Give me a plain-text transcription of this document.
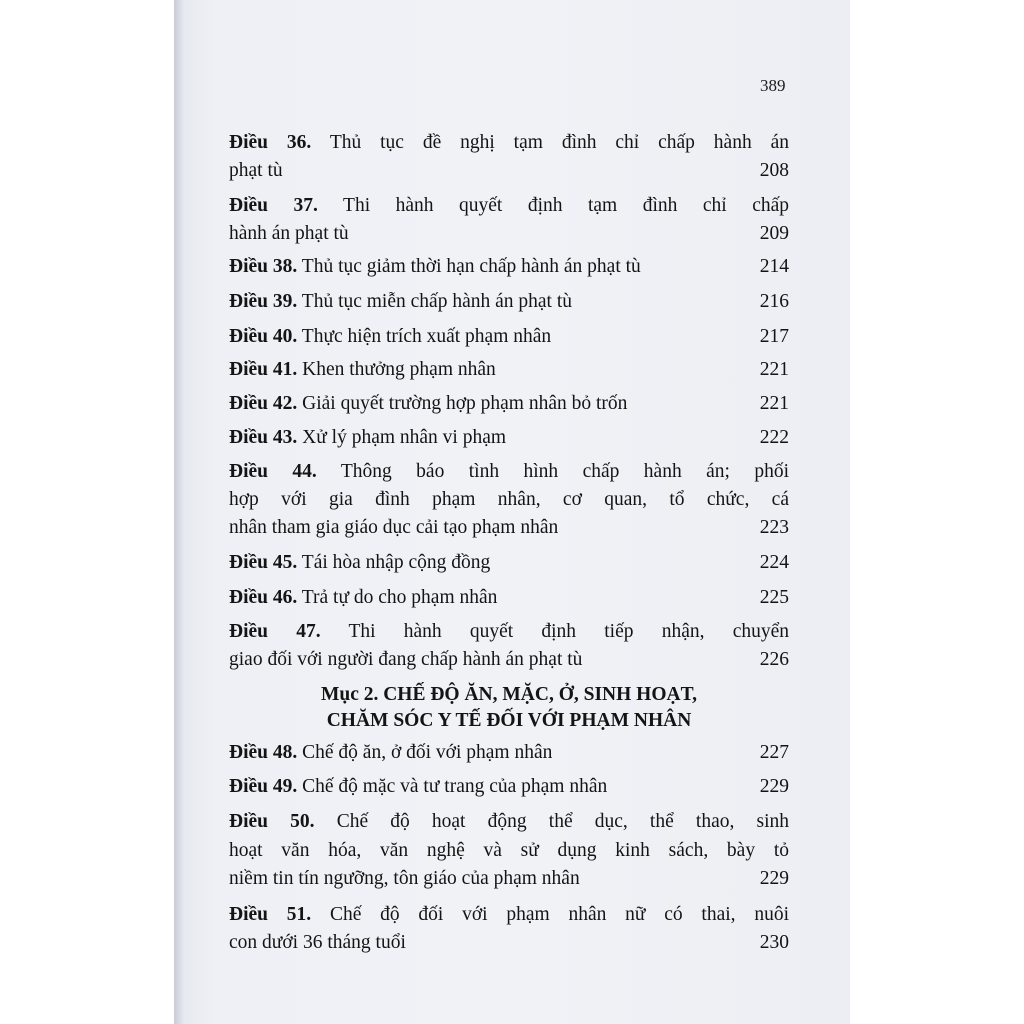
389
Điều 36. Thủ tục đề nghị tạm đình chỉ chấp hành án
phạt tù	208
Điều 37. Thi hành quyết định tạm đình chỉ chấp
hành án phạt tù	209
Điều 38. Thủ tục giảm thời hạn chấp hành án phạt tù	214
Điều 39. Thủ tục miễn chấp hành án phạt tù	216
Điều 40. Thực hiện trích xuất phạm nhân	217
Điều 41. Khen thưởng phạm nhân	221
Điều 42. Giải quyết trường hợp phạm nhân bỏ trốn	221
Điều 43. Xử lý phạm nhân vi phạm	222
Điều 44. Thông báo tình hình chấp hành án; phối
hợp với gia đình phạm nhân, cơ quan, tổ chức, cá
nhân tham gia giáo dục cải tạo phạm nhân	223
Điều 45. Tái hòa nhập cộng đồng	224
Điều 46. Trả tự do cho phạm nhân	225
Điều 47. Thi hành quyết định tiếp nhận, chuyển
giao đối với người đang chấp hành án phạt tù	226
Điều 48. Chế độ ăn, ở đối với phạm nhân	227
Điều 49. Chế độ mặc và tư trang của phạm nhân	229
Điều 50. Chế độ hoạt động thể dục, thể thao, sinh
hoạt văn hóa, văn nghệ và sử dụng kinh sách, bày tỏ
niềm tin tín ngưỡng, tôn giáo của phạm nhân	229
Điều 51. Chế độ đối với phạm nhân nữ có thai, nuôi
con dưới 36 tháng tuổi	230
Mục 2. CHẾ ĐỘ ĂN, MẶC, Ở, SINH HOẠT,
CHĂM SÓC Y TẾ ĐỐI VỚI PHẠM NHÂN
